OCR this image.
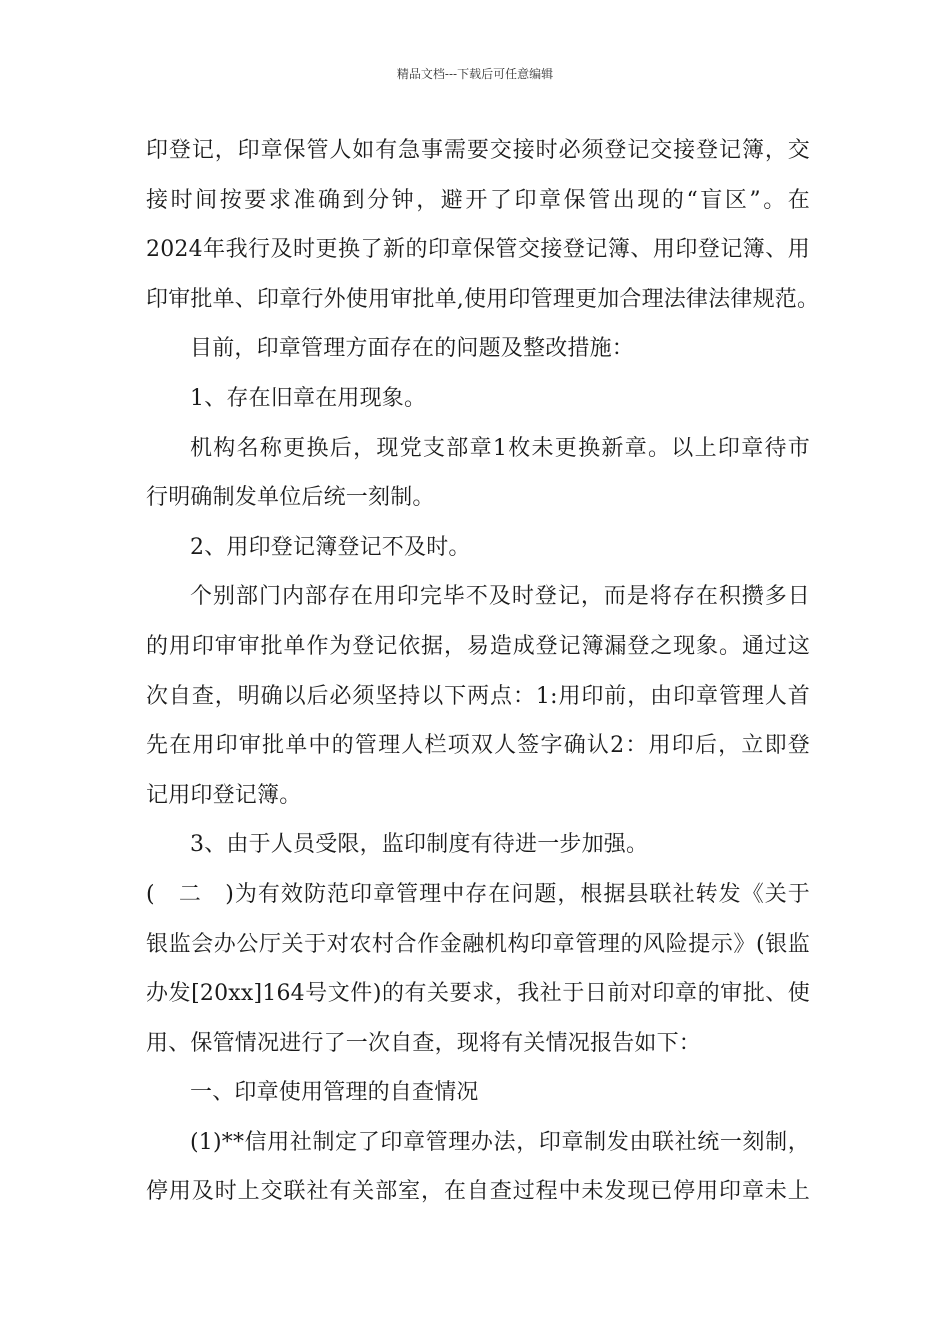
精品文档---下载后可任意编辑
印登记，印章保管人如有急事需要交接时必须登记交接登记簿，交
接时间按要求准确到分钟，避开了印章保管出现的“盲区”。在
2024年我行及时更换了新的印章保管交接登记簿、用印登记簿、用
印审批单、印章行外使用审批单,使用印管理更加合理法律法律规范。
目前，印章管理方面存在的问题及整改措施：
1、存在旧章在用现象。
机构名称更换后，现党支部章1枚未更换新章。以上印章待市
行明确制发单位后统一刻制。
2、用印登记簿登记不及时。
个别部门内部存在用印完毕不及时登记，而是将存在积攒多日
的用印审审批单作为登记依据，易造成登记簿漏登之现象。通过这
次自查，明确以后必须坚持以下两点：1:用印前，由印章管理人首
先在用印审批单中的管理人栏项双人签字确认2：用印后，立即登
记用印登记簿。
3、由于人员受限，监印制度有待进一步加强。
(二)为有效防范印章管理中存在问题，根据县联社转发《关于
银监会办公厅关于对农村合作金融机构印章管理的风险提示》(银监
办发[20xx]164号文件)的有关要求，我社于日前对印章的审批、使
用、保管情况进行了一次自查，现将有关情况报告如下：
一、印章使用管理的自查情况
(1)**信用社制定了印章管理办法，印章制发由联社统一刻制，
停用及时上交联社有关部室，在自查过程中未发现已停用印章未上
